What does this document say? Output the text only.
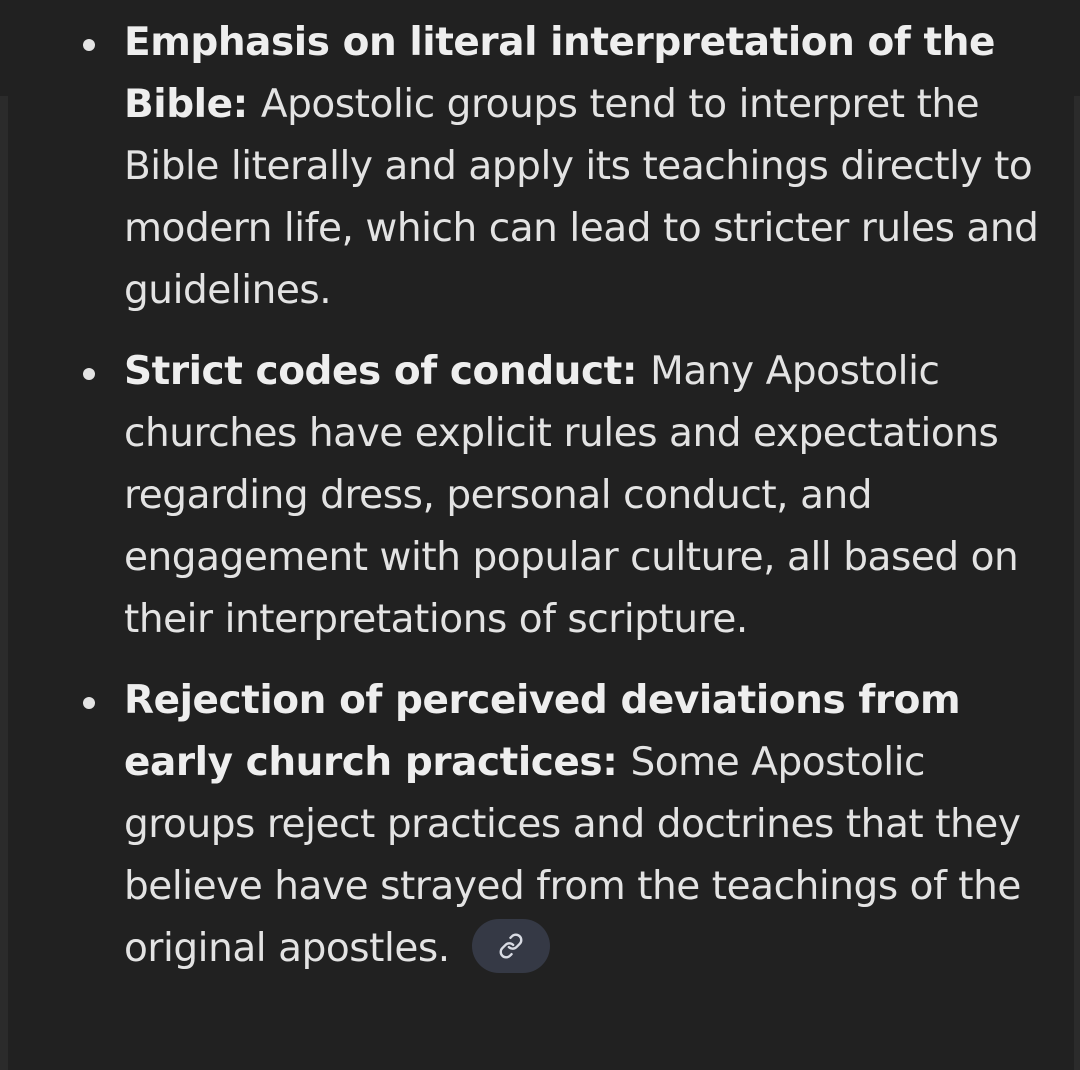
Emphasis on literal interpretation of the Bible: Apostolic groups tend to interpret the Bible literally and apply its teachings directly to modern life, which can lead to stricter rules and guidelines.
Strict codes of conduct: Many Apostolic churches have explicit rules and expectations regarding dress, personal conduct, and engagement with popular culture, all based on their interpretations of scripture.
Rejection of perceived deviations from early church practices: Some Apostolic groups reject practices and doctrines that they believe have strayed from the teachings of the original apostles.
